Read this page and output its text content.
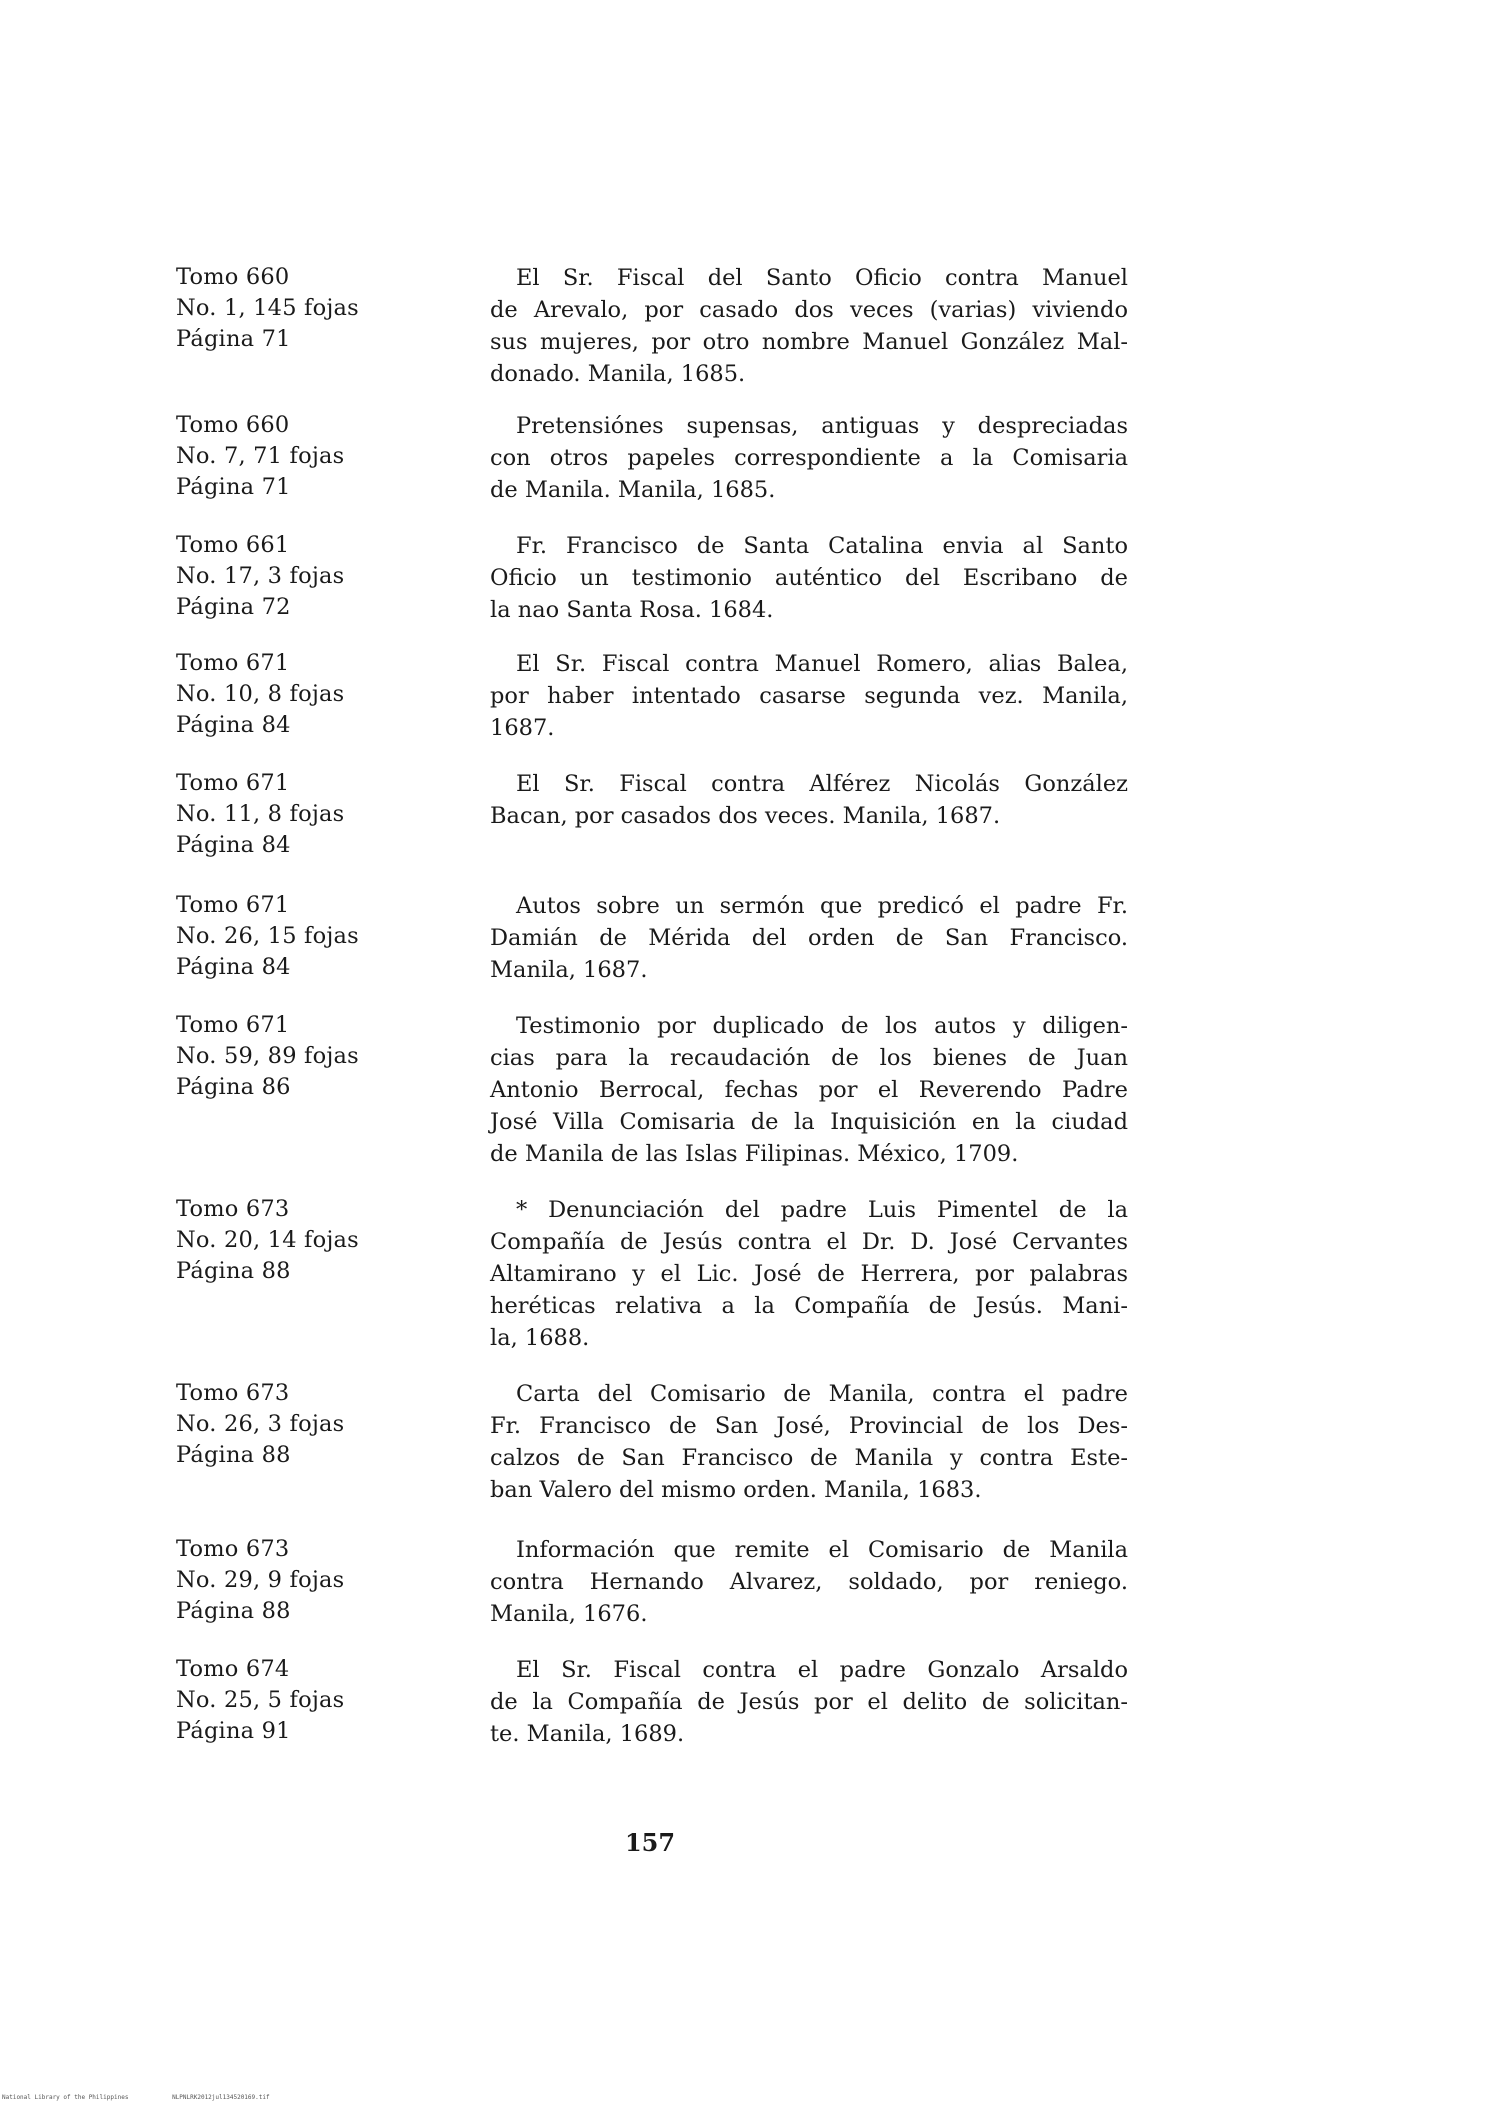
Tomo 660
No. 1, 145 fojas
Página 71
El Sr. Fiscal del Santo Oficio contra Manuel
de Arevalo, por casado dos veces (varias) viviendo
sus mujeres, por otro nombre Manuel González Mal-
donado. Manila, 1685.
Tomo 660
No. 7, 71 fojas
Página 71
Pretensiónes supensas, antiguas y despreciadas
con otros papeles correspondiente a la Comisaria
de Manila. Manila, 1685.
Tomo 661
No. 17, 3 fojas
Página 72
Fr. Francisco de Santa Catalina envia al Santo
Oficio un testimonio auténtico del Escribano de
la nao Santa Rosa. 1684.
Tomo 671
No. 10, 8 fojas
Página 84
El Sr. Fiscal contra Manuel Romero, alias Balea,
por haber intentado casarse segunda vez. Manila,
1687.
Tomo 671
No. 11, 8 fojas
Página 84
El Sr. Fiscal contra Alférez Nicolás González
Bacan, por casados dos veces. Manila, 1687.
Tomo 671
No. 26, 15 fojas
Página 84
Autos sobre un sermón que predicó el padre Fr.
Damián de Mérida del orden de San Francisco.
Manila, 1687.
Tomo 671
No. 59, 89 fojas
Página 86
Testimonio por duplicado de los autos y diligen-
cias para la recaudación de los bienes de Juan
Antonio Berrocal, fechas por el Reverendo Padre
José Villa Comisaria de la Inquisición en la ciudad
de Manila de las Islas Filipinas. México, 1709.
Tomo 673
No. 20, 14 fojas
Página 88
* Denunciación del padre Luis Pimentel de la
Compañía de Jesús contra el Dr. D. José Cervantes
Altamirano y el Lic. José de Herrera, por palabras
heréticas relativa a la Compañía de Jesús. Mani-
la, 1688.
Tomo 673
No. 26, 3 fojas
Página 88
Carta del Comisario de Manila, contra el padre
Fr. Francisco de San José, Provincial de los Des-
calzos de San Francisco de Manila y contra Este-
ban Valero del mismo orden. Manila, 1683.
Tomo 673
No. 29, 9 fojas
Página 88
Información que remite el Comisario de Manila
contra Hernando Alvarez, soldado, por reniego.
Manila, 1676.
Tomo 674
No. 25, 5 fojas
Página 91
El Sr. Fiscal contra el padre Gonzalo Arsaldo
de la Compañía de Jesús por el delito de solicitan-
te. Manila, 1689.
157
National Library of the Philippines	NLPNLRK2012jul134520169.tif
